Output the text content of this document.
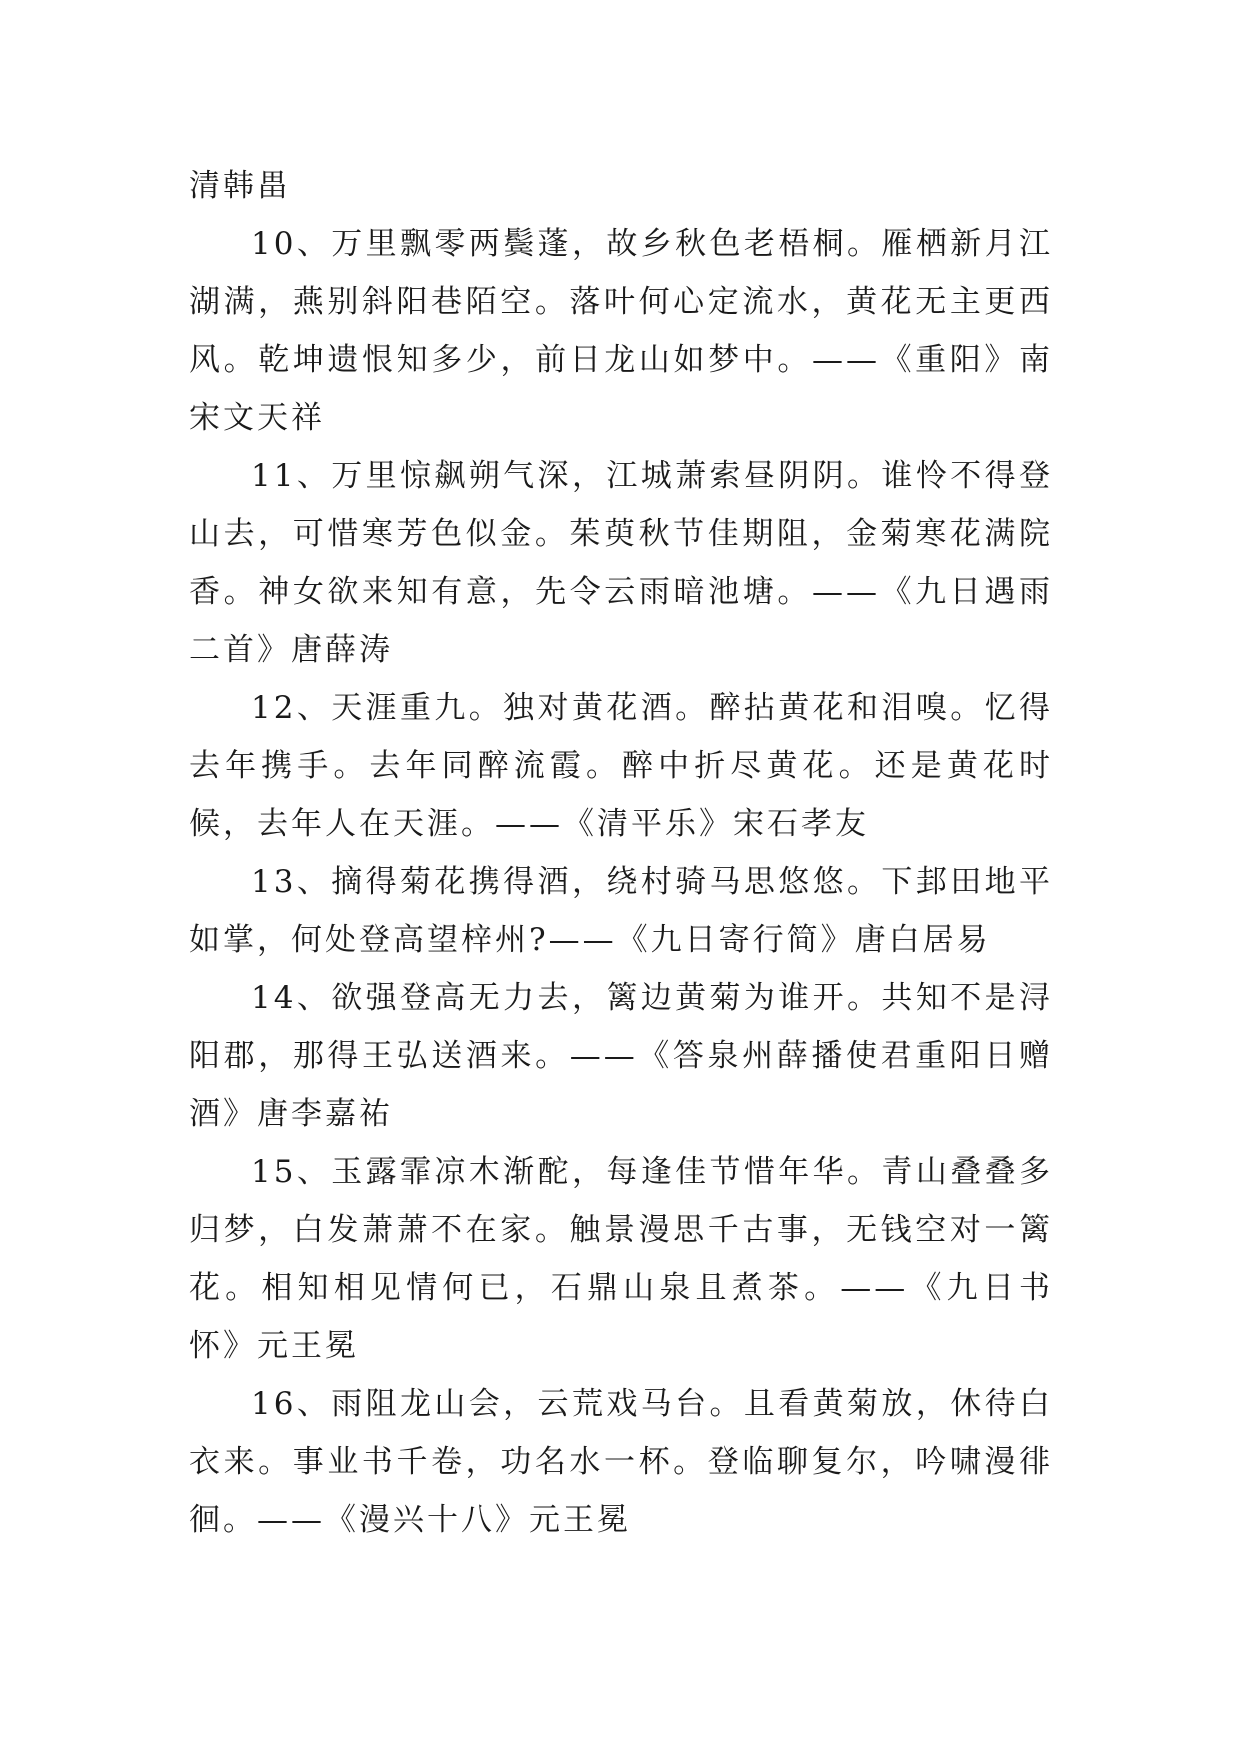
清韩畕

10、万里飘零两鬓蓬，故乡秋色老梧桐。雁栖新月江湖满，燕别斜阳巷陌空。落叶何心定流水，黄花无主更西风。乾坤遗恨知多少，前日龙山如梦中。——《重阳》南宋文天祥

11、万里惊飙朔气深，江城萧索昼阴阴。谁怜不得登山去，可惜寒芳色似金。茱萸秋节佳期阻，金菊寒花满院香。神女欲来知有意，先令云雨暗池塘。——《九日遇雨二首》唐薛涛

12、天涯重九。独对黄花酒。醉拈黄花和泪嗅。忆得去年携手。去年同醉流霞。醉中折尽黄花。还是黄花时候，去年人在天涯。——《清平乐》宋石孝友

13、摘得菊花携得酒，绕村骑马思悠悠。下邽田地平如掌，何处登高望梓州?——《九日寄行简》唐白居易

14、欲强登高无力去，篱边黄菊为谁开。共知不是浔阳郡，那得王弘送酒来。——《答泉州薛播使君重阳日赠酒》唐李嘉祐

15、玉露霏凉木渐酡，每逢佳节惜年华。青山叠叠多归梦，白发萧萧不在家。触景漫思千古事，无钱空对一篱花。相知相见情何已，石鼎山泉且煮茶。——《九日书怀》元王冕

16、雨阻龙山会，云荒戏马台。且看黄菊放，休待白衣来。事业书千卷，功名水一杯。登临聊复尔，吟啸漫徘徊。——《漫兴十八》元王冕
